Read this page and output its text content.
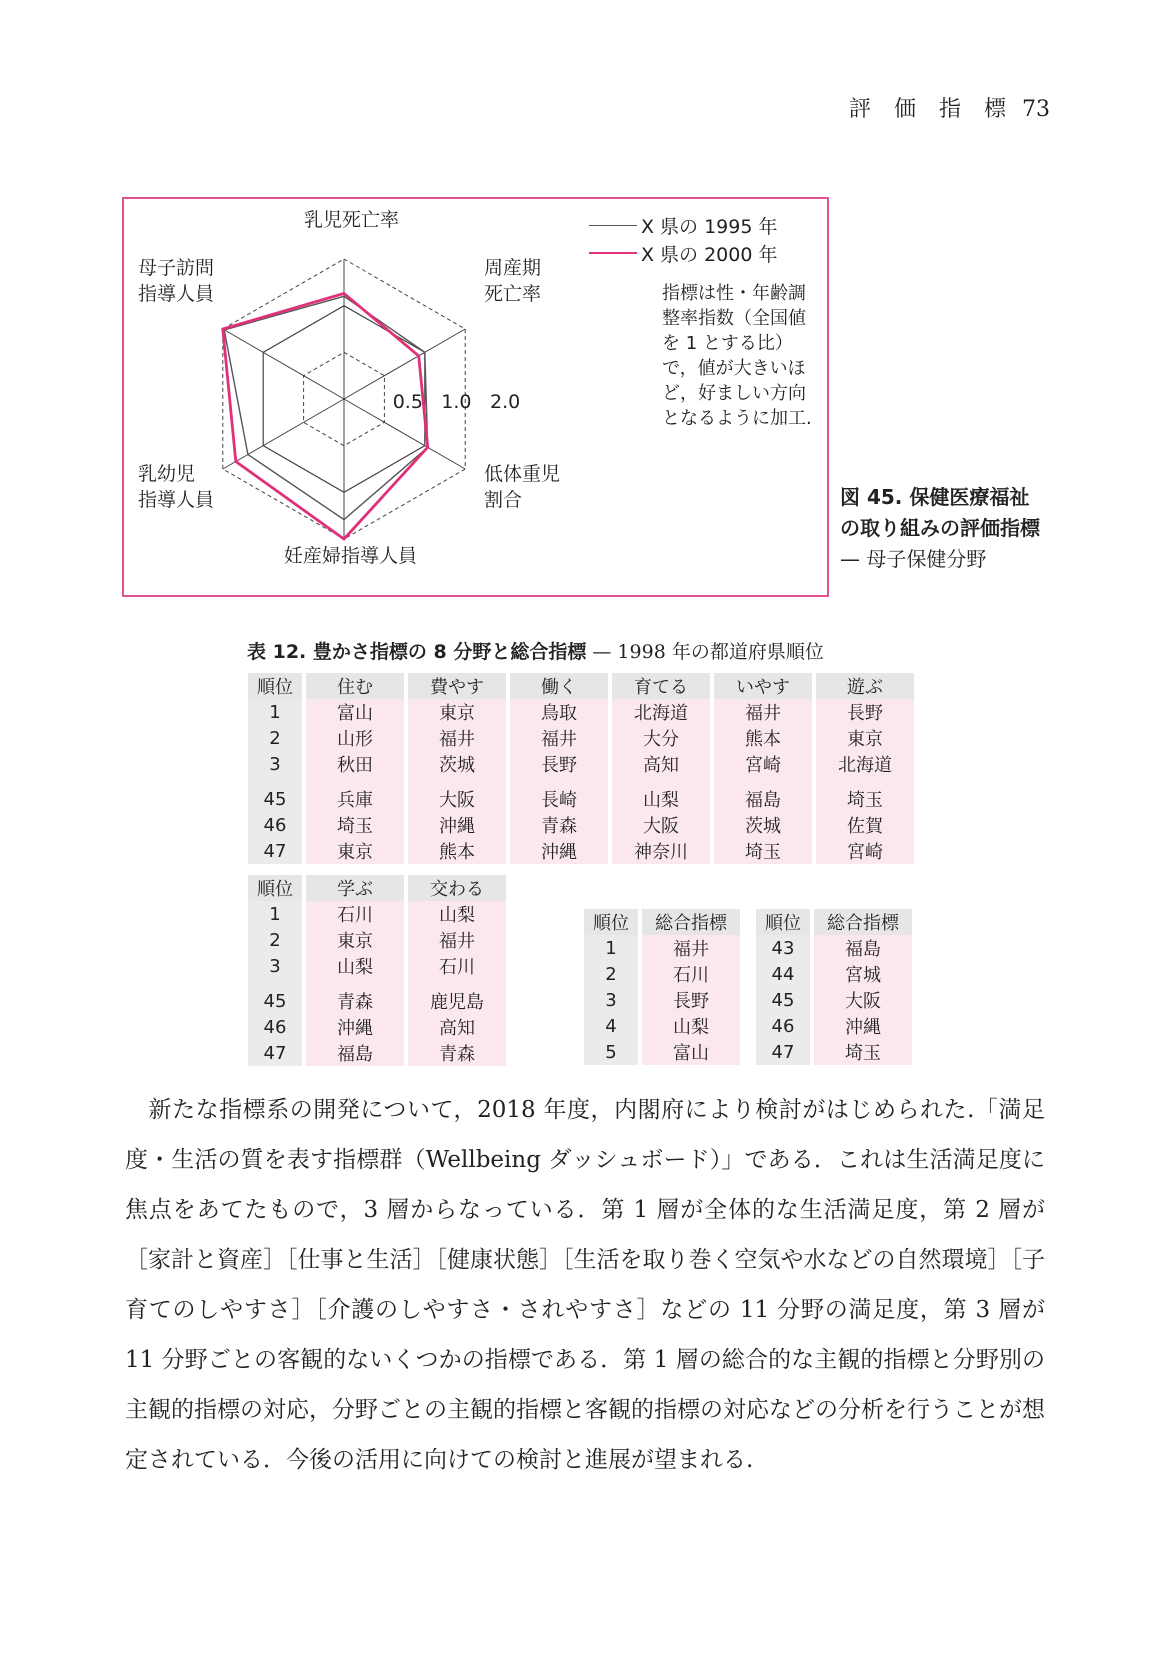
評 価 指 標 73
0.5 1.0 2.0
乳児死亡率
周産期
死亡率
低体重児
割合
妊産婦指導人員
乳幼児
指導人員
母子訪問
指導人員
X 県の 1995 年
X 県の 2000 年
指標は性・年齢調整率指数（全国値を 1 とする比）で，値が大きいほど，好ましい方向となるように加工.
図 45. 保健医療福祉の取り組みの評価指標 — 母子保健分野
表 12. 豊かさ指標の 8 分野と総合指標 — 1998 年の都道府県順位
順位	住む	費やす	働く	育てる	いやす	遊ぶ
1	富山	東京	鳥取	北海道	福井	長野
2	山形	福井	福井	大分	熊本	東京
3	秋田	茨城	長野	高知	宮崎	北海道

45	兵庫	大阪	長崎	山梨	福島	埼玉
46	埼玉	沖縄	青森	大阪	茨城	佐賀
47	東京	熊本	沖縄	神奈川	埼玉	宮崎
順位	学ぶ	交わる
1	石川	山梨
2	東京	福井
3	山梨	石川

45	青森	鹿児島
46	沖縄	高知
47	福島	青森
順位	総合指標
1	福井
2	石川
3	長野
4	山梨
5	富山
順位	総合指標
43	福島
44	宮城
45	大阪
46	沖縄
47	埼玉

　新たな指標系の開発について，2018 年度，内閣府により検討がはじめられた.「満足度・生活の質を表す指標群（Wellbeing ダッシュボード）」である．これは生活満足度に焦点をあてたもので，3 層からなっている．第 1 層が全体的な生活満足度，第 2 層が［家計と資産］［仕事と生活］［健康状態］［生活を取り巻く空気や水などの自然環境］［子育てのしやすさ］［介護のしやすさ・されやすさ］などの 11 分野の満足度，第 3 層が 11 分野ごとの客観的ないくつかの指標である．第 1 層の総合的な主観的指標と分野別の主観的指標の対応，分野ごとの主観的指標と客観的指標の対応などの分析を行うことが想定されている．今後の活用に向けての検討と進展が望まれる.
